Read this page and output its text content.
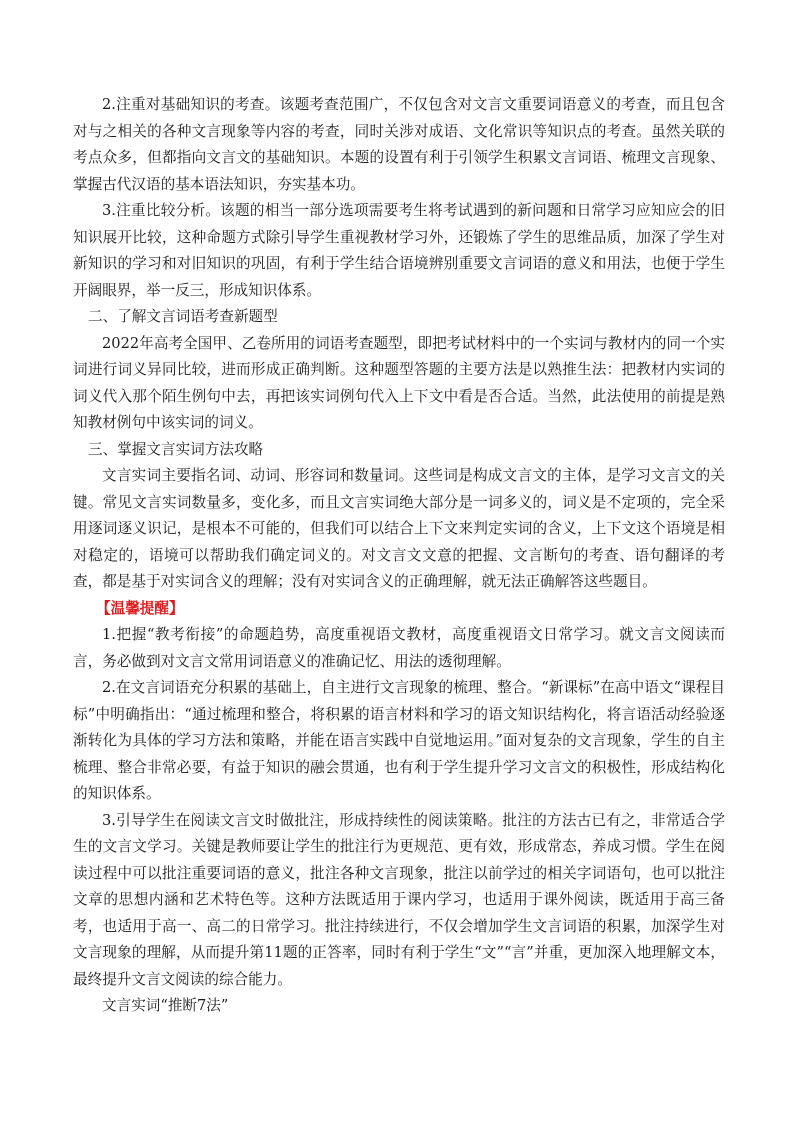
2.注重对基础知识的考查。该题考查范围广，不仅包含对文言文重要词语意义的考查，而且包含对与之相关的各种文言现象等内容的考查，同时关涉对成语、文化常识等知识点的考查。虽然关联的考点众多，但都指向文言文的基础知识。本题的设置有利于引领学生积累文言词语、梳理文言现象、掌握古代汉语的基本语法知识，夯实基本功。

3.注重比较分析。该题的相当一部分选项需要考生将考试遇到的新问题和日常学习应知应会的旧知识展开比较，这种命题方式除引导学生重视教材学习外，还锻炼了学生的思维品质，加深了学生对新知识的学习和对旧知识的巩固，有利于学生结合语境辨别重要文言词语的意义和用法，也便于学生开阔眼界，举一反三，形成知识体系。

二、了解文言词语考查新题型

2022年高考全国甲、乙卷所用的词语考查题型，即把考试材料中的一个实词与教材内的同一个实词进行词义异同比较，进而形成正确判断。这种题型答题的主要方法是以熟推生法：把教材内实词的词义代入那个陌生例句中去，再把该实词例句代入上下文中看是否合适。当然，此法使用的前提是熟知教材例句中该实词的词义。

三、掌握文言实词方法攻略

文言实词主要指名词、动词、形容词和数量词。这些词是构成文言文的主体，是学习文言文的关键。常见文言实词数量多，变化多，而且文言实词绝大部分是一词多义的，词义是不定项的，完全采用逐词逐义识记，是根本不可能的，但我们可以结合上下文来判定实词的含义，上下文这个语境是相对稳定的，语境可以帮助我们确定词义的。对文言文文意的把握、文言断句的考查、语句翻译的考查，都是基于对实词含义的理解；没有对实词含义的正确理解，就无法正确解答这些题目。

【温馨提醒】

1.把握“教考衔接”的命题趋势，高度重视语文教材，高度重视语文日常学习。就文言文阅读而言，务必做到对文言文常用词语意义的准确记忆、用法的透彻理解。

2.在文言词语充分积累的基础上，自主进行文言现象的梳理、整合。“新课标”在高中语文“课程目标”中明确指出：“通过梳理和整合，将积累的语言材料和学习的语文知识结构化，将言语活动经验逐渐转化为具体的学习方法和策略，并能在语言实践中自觉地运用。”面对复杂的文言现象，学生的自主梳理、整合非常必要，有益于知识的融会贯通，也有利于学生提升学习文言文的积极性，形成结构化的知识体系。

3.引导学生在阅读文言文时做批注，形成持续性的阅读策略。批注的方法古已有之，非常适合学生的文言文学习。关键是教师要让学生的批注行为更规范、更有效，形成常态，养成习惯。学生在阅读过程中可以批注重要词语的意义，批注各种文言现象，批注以前学过的相关字词语句，也可以批注文章的思想内涵和艺术特色等。这种方法既适用于课内学习，也适用于课外阅读，既适用于高三备考，也适用于高一、高二的日常学习。批注持续进行，不仅会增加学生文言词语的积累，加深学生对文言现象的理解，从而提升第11题的正答率，同时有利于学生“文”“言”并重，更加深入地理解文本，最终提升文言文阅读的综合能力。

文言实词“推断7法”
